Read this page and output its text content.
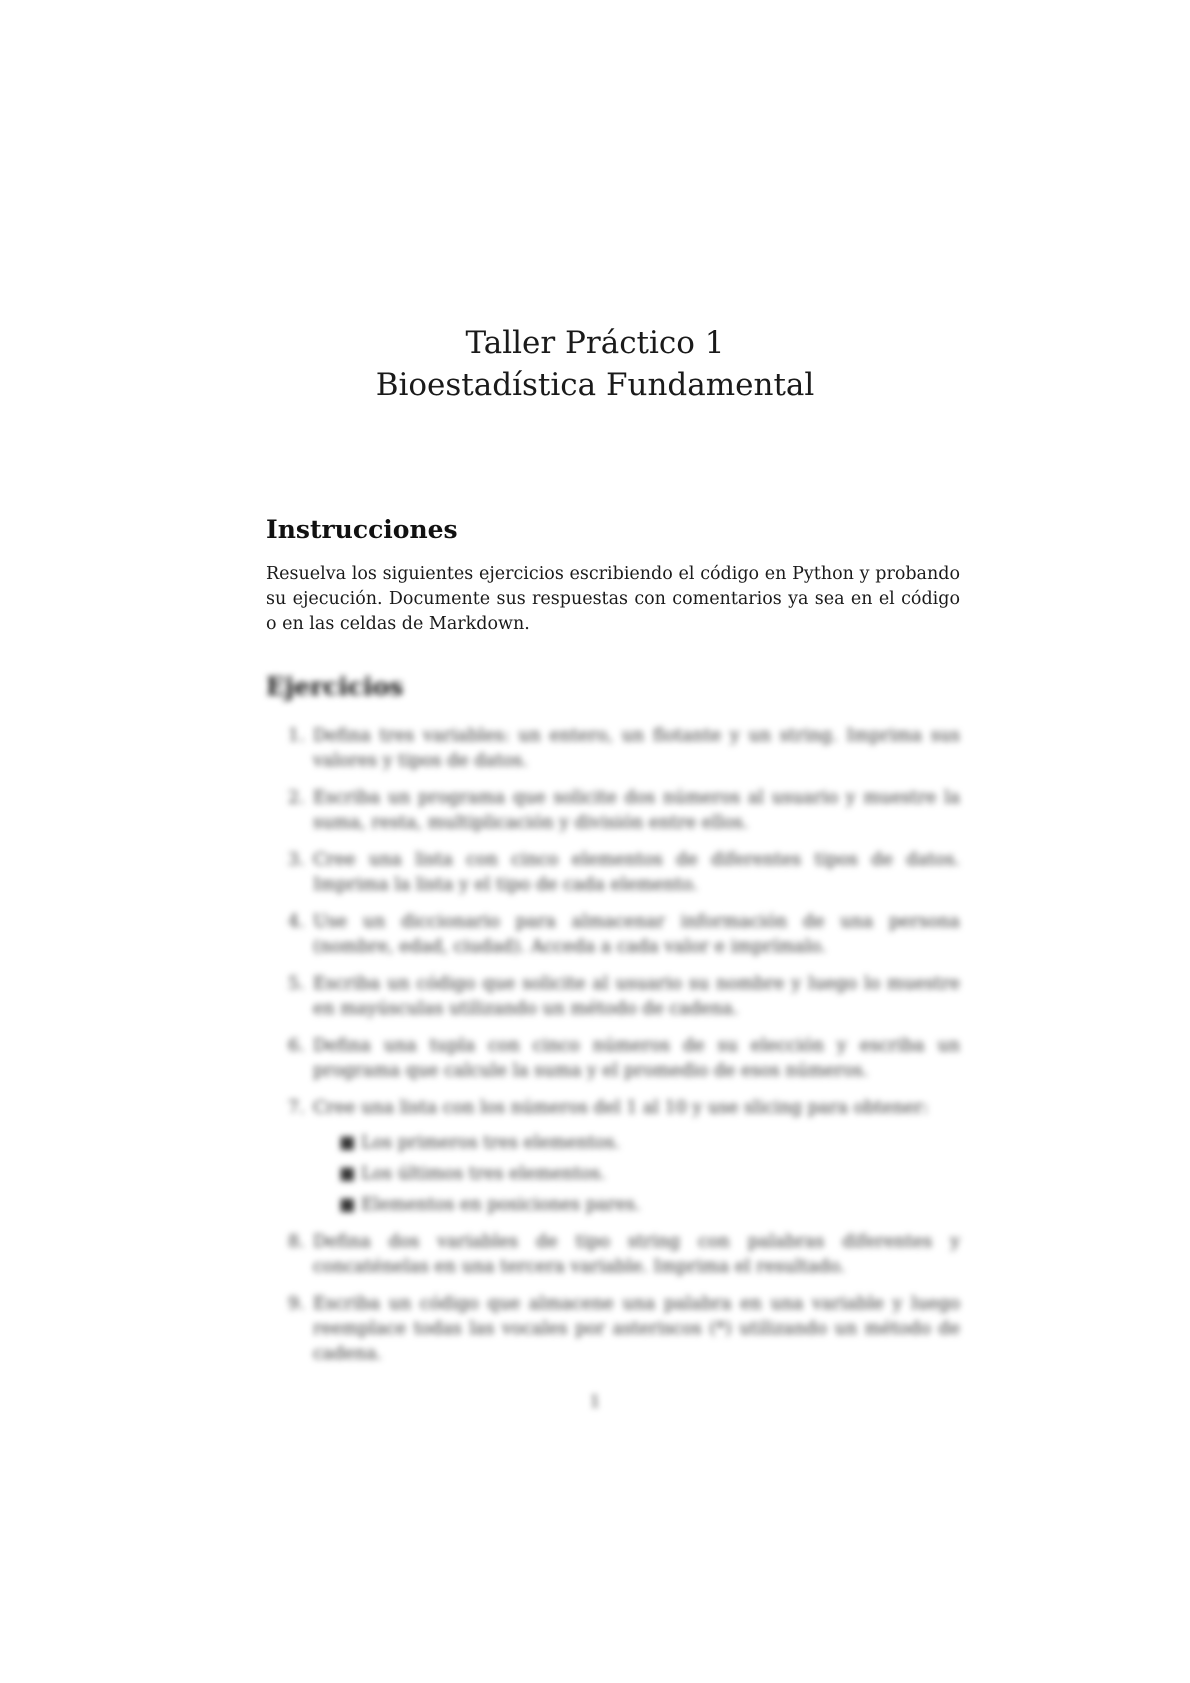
Taller Práctico 1
Bioestadística Fundamental
Instrucciones

Resuelva los siguientes ejercicios escribiendo el código en Python y probando su ejecución. Documente sus respuestas con comentarios ya sea en el código o en las celdas de Markdown.

Ejercicios
1. Defina tres variables: un entero, un flotante y un string. Imprima sus valores y tipos de datos.
2. Escriba un programa que solicite dos números al usuario y muestre la suma, resta, multiplicación y división entre ellos.
3. Cree una lista con cinco elementos de diferentes tipos de datos. Imprima la lista y el tipo de cada elemento.
4. Use un diccionario para almacenar información de una persona (nombre, edad, ciudad). Acceda a cada valor e imprímalo.
5. Escriba un código que solicite al usuario su nombre y luego lo muestre en mayúsculas utilizando un método de cadena.
6. Defina una tupla con cinco números de su elección y escriba un programa que calcule la suma y el promedio de esos números.
7. Cree una lista con los números del 1 al 10 y use slicing para obtener:
■ Los primeros tres elementos.
■ Los últimos tres elementos.
■ Elementos en posiciones pares.
8. Defina dos variables de tipo string con palabras diferentes y concaténelas en una tercera variable. Imprima el resultado.
9. Escriba un código que almacene una palabra en una variable y luego reemplace todas las vocales por asteriscos (*) utilizando un método de cadena.
1
